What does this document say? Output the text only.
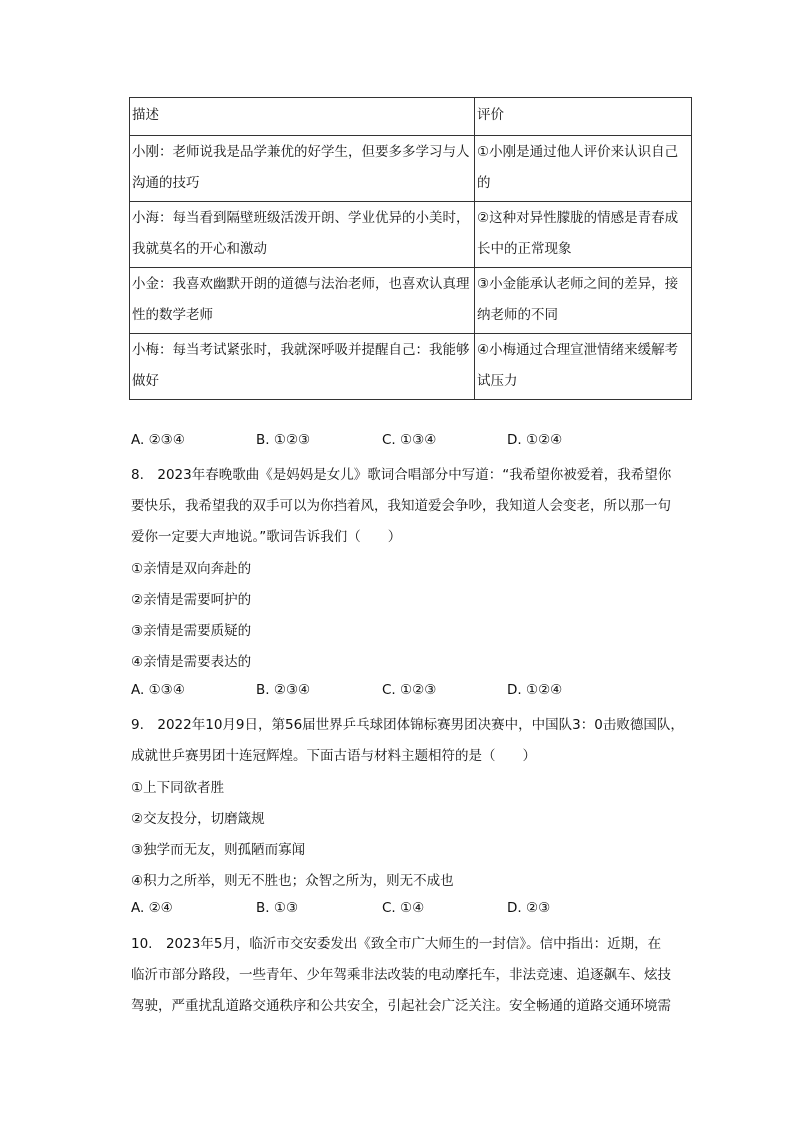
描述	评价
小刚：老师说我是品学兼优的好学生，但要多多学习与人沟通的技巧	①小刚是通过他人评价来认识自己的
小海：每当看到隔壁班级活泼开朗、学业优异的小美时，我就莫名的开心和激动	②这种对异性朦胧的情感是青春成长中的正常现象
小金：我喜欢幽默开朗的道德与法治老师，也喜欢认真理性的数学老师	③小金能承认老师之间的差异，接纳老师的不同
小梅：每当考试紧张时，我就深呼吸并提醒自己：我能够做好	④小梅通过合理宣泄情绪来缓解考试压力
A. ②③④	B. ①②③	C. ①③④	D. ①②④
8.　2023年春晚歌曲《是妈妈是女儿》歌词合唱部分中写道：“我希望你被爱着，我希望你
要快乐，我希望我的双手可以为你挡着风，我知道爱会争吵，我知道人会变老，所以那一句
爱你一定要大声地说。”歌词告诉我们（　　）
①亲情是双向奔赴的
②亲情是需要呵护的
③亲情是需要质疑的
④亲情是需要表达的
A. ①③④	B. ②③④	C. ①②③	D. ①②④
9.　2022年10月9日，第56届世界乒乓球团体锦标赛男团决赛中，中国队3：0击败德国队，
成就世乒赛男团十连冠辉煌。下面古语与材料主题相符的是（　　）
①上下同欲者胜
②交友投分，切磨箴规
③独学而无友，则孤陋而寡闻
④积力之所举，则无不胜也；众智之所为，则无不成也
A. ②④	B. ①③	C. ①④	D. ②③
10.　2023年5月，临沂市交安委发出《致全市广大师生的一封信》。信中指出：近期，在
临沂市部分路段，一些青年、少年驾乘非法改装的电动摩托车，非法竞速、追逐飙车、炫技
驾驶，严重扰乱道路交通秩序和公共安全，引起社会广泛关注。安全畅通的道路交通环境需
